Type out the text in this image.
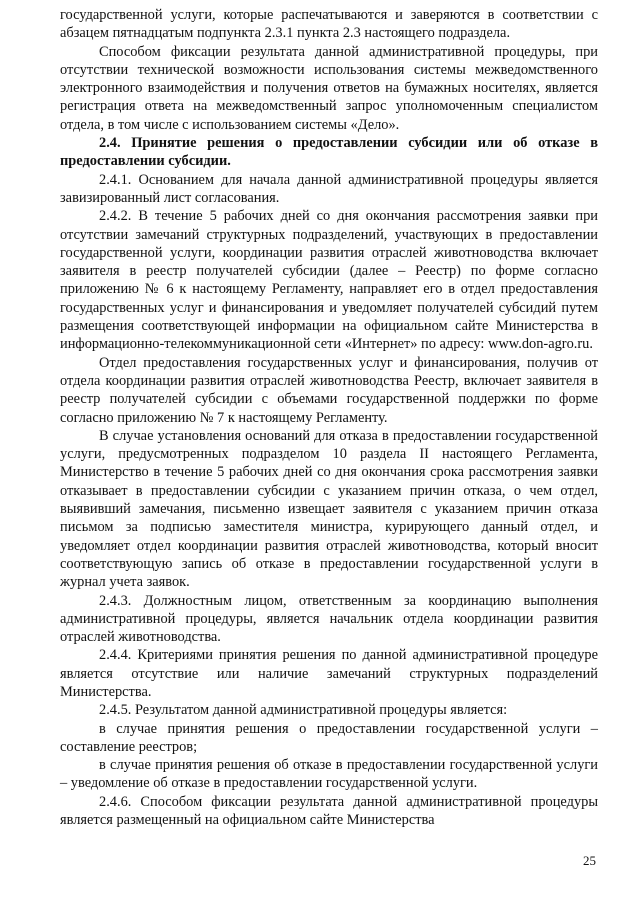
государственной услуги, которые распечатываются и заверяются в соответствии с абзацем пятнадцатым подпункта 2.3.1 пункта 2.3 настоящего подраздела.

Способом фиксации результата данной административной процедуры, при отсутствии технической возможности использования системы межведомственного электронного взаимодействия и получения ответов на бумажных носителях, является регистрация ответа на межведомственный запрос уполномоченным специалистом отдела, в том числе с использованием системы «Дело».

2.4. Принятие решения о предоставлении субсидии или об отказе в предоставлении субсидии.

2.4.1. Основанием для начала данной административной процедуры является завизированный лист согласования.

2.4.2. В течение 5 рабочих дней со дня окончания рассмотрения заявки при отсутствии замечаний структурных подразделений, участвующих в предоставлении государственной услуги, координации развития отраслей животноводства включает заявителя в реестр получателей субсидии (далее – Реестр) по форме согласно приложению № 6 к настоящему Регламенту, направляет его в отдел предоставления государственных услуг и финансирования и уведомляет получателей субсидий путем размещения соответствующей информации на официальном сайте Министерства в информационно-телекоммуникационной сети «Интернет» по адресу: www.don-agro.ru.

Отдел предоставления государственных услуг и финансирования, получив от отдела координации развития отраслей животноводства Реестр, включает заявителя в реестр получателей субсидии с объемами государственной поддержки по форме согласно приложению № 7 к настоящему Регламенту.

В случае установления оснований для отказа в предоставлении государственной услуги, предусмотренных подразделом 10 раздела II настоящего Регламента, Министерство в течение 5 рабочих дней со дня окончания срока рассмотрения заявки отказывает в предоставлении субсидии с указанием причин отказа, о чем отдел, выявивший замечания, письменно извещает заявителя с указанием причин отказа письмом за подписью заместителя министра, курирующего данный отдел, и уведомляет отдел координации развития отраслей животноводства, который вносит соответствующую запись об отказе в предоставлении государственной услуги в журнал учета заявок.

2.4.3. Должностным лицом, ответственным за координацию выполнения административной процедуры, является начальник отдела координации развития отраслей животноводства.

2.4.4. Критериями принятия решения по данной административной процедуре является отсутствие или наличие замечаний структурных подразделений Министерства.

2.4.5. Результатом данной административной процедуры является:

в случае принятия решения о предоставлении государственной услуги – составление реестров;

в случае принятия решения об отказе в предоставлении государственной услуги – уведомление об отказе в предоставлении государственной услуги.

2.4.6. Способом фиксации результата данной административной процедуры является размещенный на официальном сайте Министерства

25
